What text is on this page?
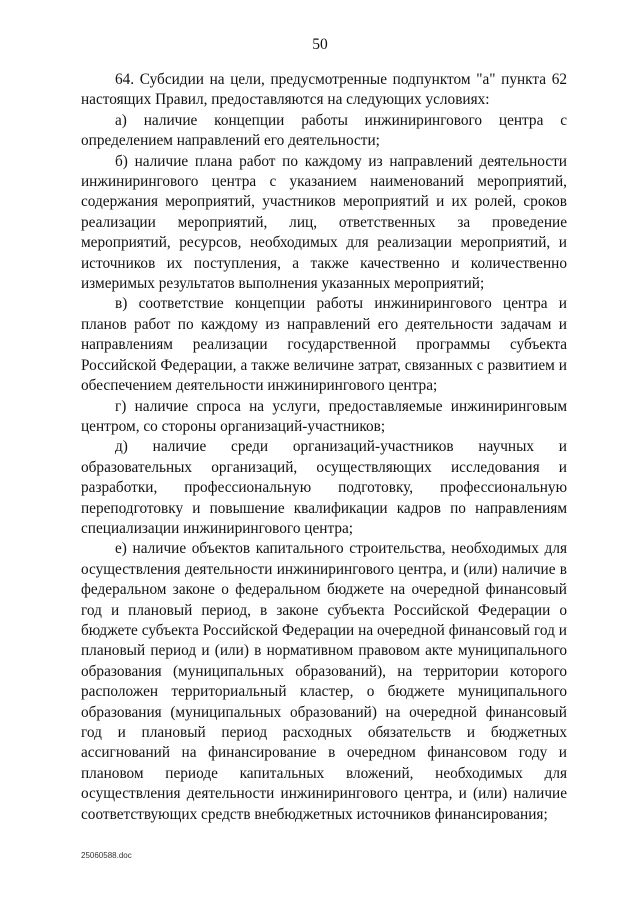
50

64. Субсидии на цели, предусмотренные подпунктом "а" пункта 62 настоящих Правил, предоставляются на следующих условиях:

а) наличие концепции работы инжинирингового центра с определением направлений его деятельности;

б) наличие плана работ по каждому из направлений деятельности инжинирингового центра с указанием наименований мероприятий, содержания мероприятий, участников мероприятий и их ролей, сроков реализации мероприятий, лиц, ответственных за проведение мероприятий, ресурсов, необходимых для реализации мероприятий, и источников их поступления, а также качественно и количественно измеримых результатов выполнения указанных мероприятий;

в) соответствие концепции работы инжинирингового центра и планов работ по каждому из направлений его деятельности задачам и направлениям реализации государственной программы субъекта Российской Федерации, а также величине затрат, связанных с развитием и обеспечением деятельности инжинирингового центра;

г) наличие спроса на услуги, предоставляемые инжиниринговым центром, со стороны организаций-участников;

д) наличие среди организаций-участников научных и образовательных организаций, осуществляющих исследования и разработки, профессиональную подготовку, профессиональную переподготовку и повышение квалификации кадров по направлениям специализации инжинирингового центра;

е) наличие объектов капитального строительства, необходимых для осуществления деятельности инжинирингового центра, и (или) наличие в федеральном законе о федеральном бюджете на очередной финансовый год и плановый период, в законе субъекта Российской Федерации о бюджете субъекта Российской Федерации на очередной финансовый год и плановый период и (или) в нормативном правовом акте муниципального образования (муниципальных образований), на территории которого расположен территориальный кластер, о бюджете муниципального образования (муниципальных образований) на очередной финансовый год и плановый период расходных обязательств и бюджетных ассигнований на финансирование в очередном финансовом году и плановом периоде капитальных вложений, необходимых для осуществления деятельности инжинирингового центра, и (или) наличие соответствующих средств внебюджетных источников финансирования;

25060588.doc
